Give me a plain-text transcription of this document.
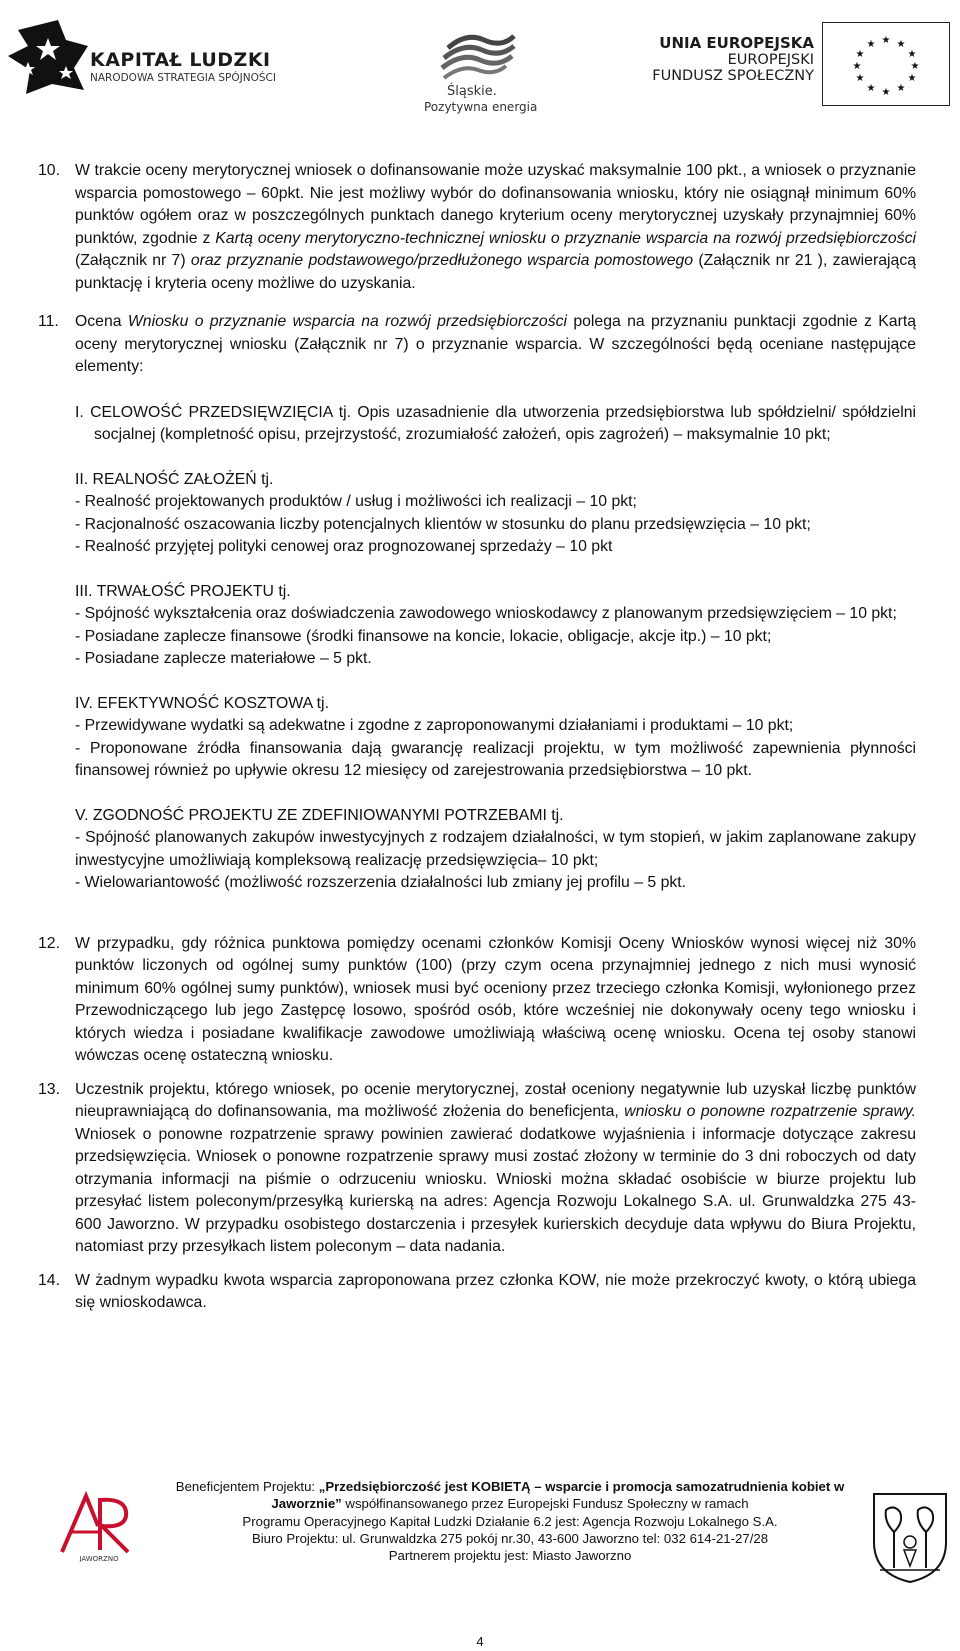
KAPITAŁ LUDZKI
NARODOWA STRATEGIA SPÓJNOŚCI
Śląskie.
Pozytywna energia
UNIA EUROPEJSKA
EUROPEJSKI
FUNDUSZ SPOŁECZNY
★ ★
★
★
★
★
★
★
★
★
★
★
10. W trakcie oceny merytorycznej wniosek o dofinansowanie może uzyskać maksymalnie 100 pkt., a wniosek o przyznanie wsparcia pomostowego – 60pkt. Nie jest możliwy wybór do dofinansowania wniosku, który nie osiągnął minimum 60% punktów ogółem oraz w poszczególnych punktach danego kryterium oceny merytorycznej uzyskały przynajmniej 60% punktów, zgodnie z Kartą oceny merytoryczno-technicznej wniosku o przyznanie wsparcia na rozwój przedsiębiorczości (Załącznik nr 7) oraz przyznanie podstawowego/przedłużonego wsparcia pomostowego (Załącznik nr 21 ), zawierającą punktację i kryteria oceny możliwe do uzyskania.
11. Ocena Wniosku o przyznanie wsparcia na rozwój przedsiębiorczości polega na przyznaniu punktacji zgodnie z Kartą oceny merytorycznej wniosku (Załącznik nr 7) o przyznanie wsparcia. W szczególności będą oceniane następujące elementy:

I. CELOWOŚĆ PRZEDSIĘWZIĘCIA tj. Opis uzasadnienie dla utworzenia przedsiębiorstwa lub spółdzielni/ spółdzielni socjalnej (kompletność opisu, przejrzystość, zrozumiałość założeń, opis zagrożeń) – maksymalnie 10 pkt;

II. REALNOŚĆ ZAŁOŻEŃ tj.

- Realność projektowanych produktów / usług i możliwości ich realizacji – 10 pkt;

- Racjonalność oszacowania liczby potencjalnych klientów w stosunku do planu przedsięwzięcia – 10 pkt;

- Realność przyjętej polityki cenowej oraz prognozowanej sprzedaży – 10 pkt

III. TRWAŁOŚĆ PROJEKTU tj.

- Spójność wykształcenia oraz doświadczenia zawodowego wnioskodawcy z planowanym przedsięwzięciem – 10 pkt;

- Posiadane zaplecze finansowe (środki finansowe na koncie, lokacie, obligacje, akcje itp.) – 10 pkt;

- Posiadane zaplecze materiałowe – 5 pkt.

IV. EFEKTYWNOŚĆ KOSZTOWA tj.

- Przewidywane wydatki są adekwatne i zgodne z zaproponowanymi działaniami i produktami – 10 pkt;

- Proponowane źródła finansowania dają gwarancję realizacji projektu, w tym możliwość zapewnienia płynności finansowej również po upływie okresu 12 miesięcy od zarejestrowania przedsiębiorstwa – 10 pkt.

V. ZGODNOŚĆ PROJEKTU ZE ZDEFINIOWANYMI POTRZEBAMI tj.

- Spójność planowanych zakupów inwestycyjnych z rodzajem działalności, w tym stopień, w jakim zaplanowane zakupy inwestycyjne umożliwiają kompleksową realizację przedsięwzięcia– 10 pkt;

- Wielowariantowość (możliwość rozszerzenia działalności lub zmiany jej profilu – 5 pkt.

12. W przypadku, gdy różnica punktowa pomiędzy ocenami członków Komisji Oceny Wniosków wynosi więcej niż 30% punktów liczonych od ogólnej sumy punktów (100) (przy czym ocena przynajmniej jednego z nich musi wynosić minimum 60% ogólnej sumy punktów), wniosek musi być oceniony przez trzeciego członka Komisji, wyłonionego przez Przewodniczącego lub jego Zastępcę losowo, spośród osób, które wcześniej nie dokonywały oceny tego wniosku i których wiedza i posiadane kwalifikacje zawodowe umożliwiają właściwą ocenę wniosku. Ocena tej osoby stanowi wówczas ocenę ostateczną wniosku.
13. Uczestnik projektu, którego wniosek, po ocenie merytorycznej, został oceniony negatywnie lub uzyskał liczbę punktów nieuprawniającą do dofinansowania, ma możliwość złożenia do beneficjenta, wniosku o ponowne rozpatrzenie sprawy. Wniosek o ponowne rozpatrzenie sprawy powinien zawierać dodatkowe wyjaśnienia i informacje dotyczące zakresu przedsięwzięcia. Wniosek o ponowne rozpatrzenie sprawy musi zostać złożony w terminie do 3 dni roboczych od daty otrzymania informacji na piśmie o odrzuceniu wniosku. Wnioski można składać osobiście w biurze projektu lub przesyłać listem poleconym/przesyłką kurierską na adres: Agencja Rozwoju Lokalnego S.A. ul. Grunwaldzka 275 43-600 Jaworzno. W przypadku osobistego dostarczenia i przesyłek kurierskich decyduje data wpływu do Biura Projektu, natomiast przy przesyłkach listem poleconym – data nadania.
14. W żadnym wypadku kwota wsparcia zaproponowana przez członka KOW, nie może przekroczyć kwoty, o którą ubiega się wnioskodawca.
JAWORZNO
Beneficjentem Projektu: „Przedsiębiorczość jest KOBIETĄ – wsparcie i promocja samozatrudnienia kobiet w Jaworznie” współfinansowanego przez Europejski Fundusz Społeczny w ramach
Programu Operacyjnego Kapitał Ludzki Działanie 6.2 jest: Agencja Rozwoju Lokalnego S.A.
Biuro Projektu: ul. Grunwaldzka 275 pokój nr.30, 43-600 Jaworzno tel: 032 614-21-27/28
Partnerem projektu jest: Miasto Jaworzno
4
